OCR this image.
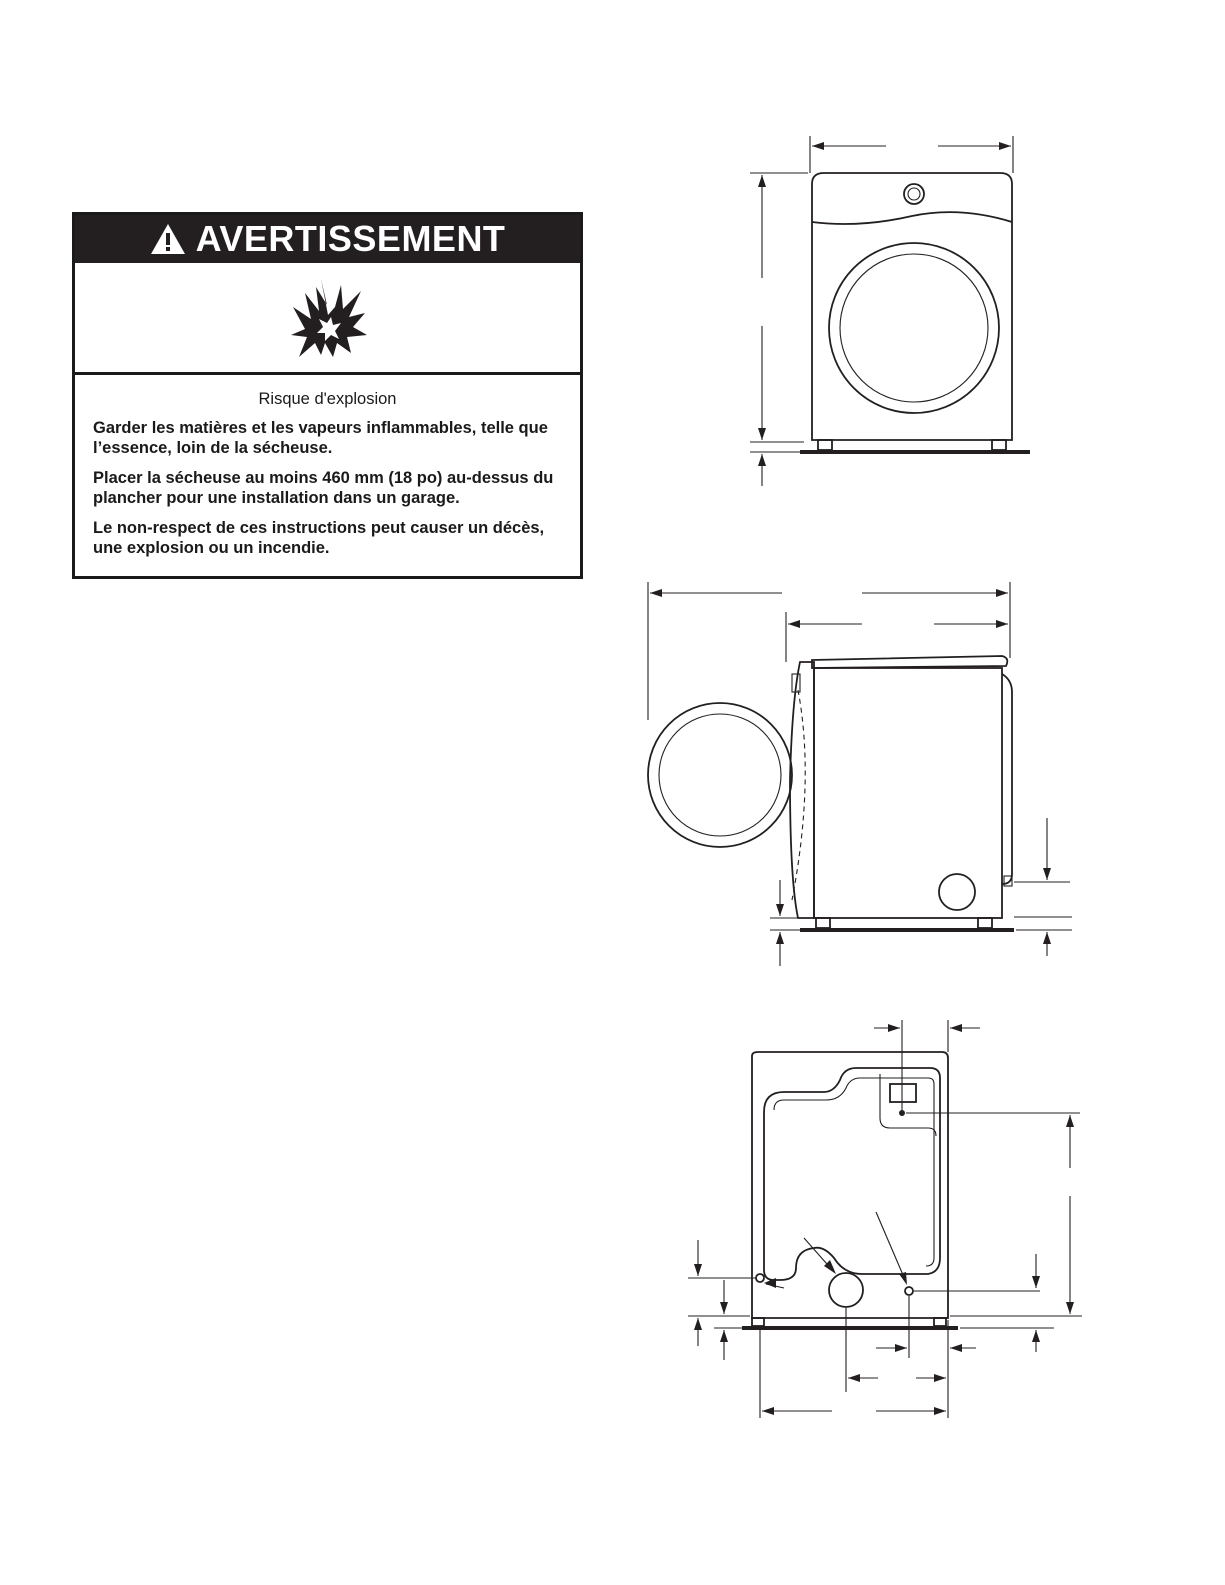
AVERTISSEMENT
Risque d'explosion

Garder les matières et les vapeurs inflammables, telle que l’essence, loin de la sécheuse.

Placer la sécheuse au moins 460 mm (18 po) au-dessus du plancher pour une installation dans un garage.

Le non-respect de ces instructions peut causer un décès, une explosion ou un incendie.
